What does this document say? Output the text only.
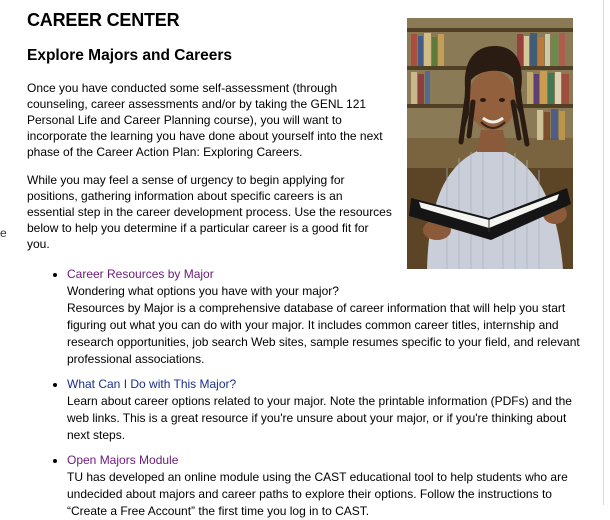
e
CAREER CENTER
Explore Majors and Careers

Once you have conducted some self-assessment (through counseling, career assessments and/or by taking the GENL 121 Personal Life and Career Planning course), you will want to incorporate the learning you have done about yourself into the next phase of the Career Action Plan: Exploring Careers.

While you may feel a sense of urgency to begin applying for positions, gathering information about specific careers is an essential step in the career development process. Use the resources below to help you determine if a particular career is a good fit for you.

Career Resources by Major
Wondering what options you have with your major?
Resources by Major is a comprehensive database of career information that will help you start figuring out what you can do with your major. It includes common career titles, internship and research opportunities, job search Web sites, sample resumes specific to your field, and relevant professional associations.
What Can I Do with This Major?
Learn about career options related to your major. Note the printable information (PDFs) and the web links. This is a great resource if you're unsure about your major, or if you're thinking about next steps.
Open Majors Module
TU has developed an online module using the CAST educational tool to help students who are undecided about majors and career paths to explore their options. Follow the instructions to “Create a Free Account” the first time you log in to CAST.
